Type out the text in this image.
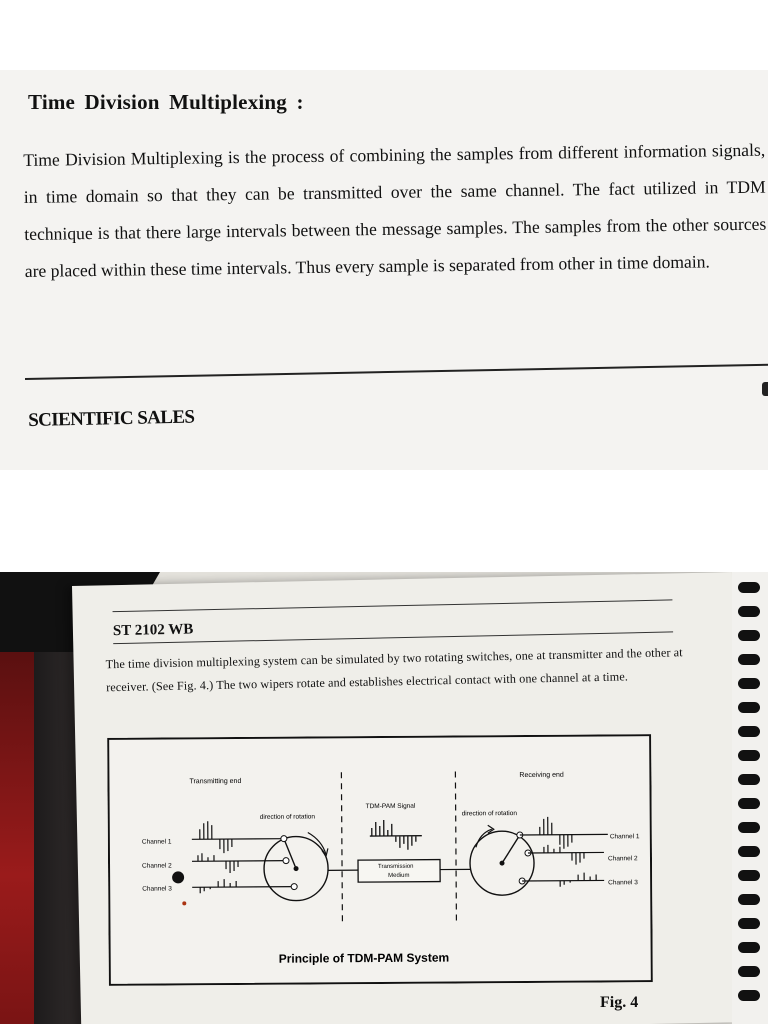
Time Division Multiplexing :

Time Division Multiplexing is the process of combining the samples from different information signals, in time domain so that they can be transmitted over the same channel. The fact utilized in TDM technique is that there large intervals between the message samples. The samples from the other sources are placed within these time intervals. Thus every sample is separated from other in time domain.

SCIENTIFIC SALES
ST 2102 WB

The time division multiplexing system can be simulated by two rotating switches, one at transmitter and the other at receiver. (See Fig. 4.) The two wipers rotate and establishes electrical contact with one channel at a time.

Transmitting end
Receiving end
direction of rotation	direction of rotation
TDM-PAM Signal
Channel 1
Channel 2
Channel 3
Transmission
Medium
Channel 1
Channel 2
Channel 3
Principle of TDM-PAM System

Fig. 4
